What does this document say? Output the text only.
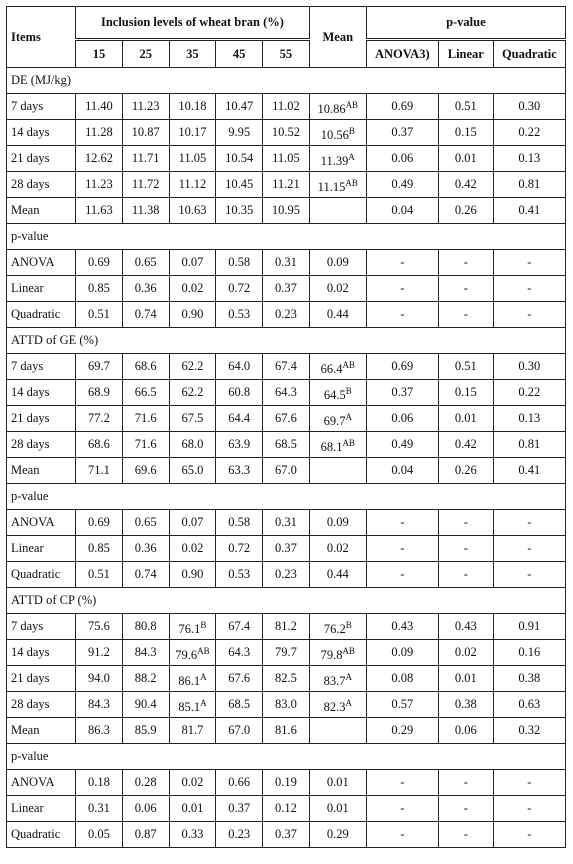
Items	Inclusion levels of wheat bran (%)					Mean	p-value		
	15	25	35	45	55		ANOVA3)	Linear	Quadratic
DE (MJ/kg)									
7 days	11.40	11.23	10.18	10.47	11.02	$10.86^{AB}$	0.69	0.51	0.30
14 days	11.28	10.87	10.17	9.95	10.52	$10.56^B$	0.37	0.15	0.22
21 days	12.62	11.71	11.05	10.54	11.05	$11.39^A$	0.06	0.01	0.13
28 days	11.23	11.72	11.12	10.45	11.21	$11.15^{AB}$	0.49	0.42	0.81
Mean	11.63	11.38	10.63	10.35	10.95		0.04	0.26	0.41
p-value									
ANOVA	0.69	0.65	0.07	0.58	0.31	0.09	-	-	-
Linear	0.85	0.36	0.02	0.72	0.37	0.02	-	-	-
Quadratic	0.51	0.74	0.90	0.53	0.23	0.44	-	-	-
ATTD of GE (%)									
7 days	69.7	68.6	62.2	64.0	67.4	$66.4^{AB}$	0.69	0.51	0.30
14 days	68.9	66.5	62.2	60.8	64.3	$64.5^B$	0.37	0.15	0.22
21 days	77.2	71.6	67.5	64.4	67.6	$69.7^A$	0.06	0.01	0.13
28 days	68.6	71.6	68.0	63.9	68.5	$68.1^{AB}$	0.49	0.42	0.81
Mean	71.1	69.6	65.0	63.3	67.0		0.04	0.26	0.41
p-value									
ANOVA	0.69	0.65	0.07	0.58	0.31	0.09	-	-	-
Linear	0.85	0.36	0.02	0.72	0.37	0.02	-	-	-
Quadratic	0.51	0.74	0.90	0.53	0.23	0.44	-	-	-
ATTD of CP (%)									
7 days	75.6	80.8	$76.1^B$	67.4	81.2	$76.2^B$	0.43	0.43	0.91
14 days	91.2	84.3	$79.6^{AB}$	64.3	79.7	$79.8^{AB}$	0.09	0.02	0.16
21 days	94.0	88.2	$86.1^A$	67.6	82.5	$83.7^A$	0.08	0.01	0.38
28 days	84.3	90.4	$85.1^A$	68.5	83.0	$82.3^A$	0.57	0.38	0.63
Mean	86.3	85.9	81.7	67.0	81.6		0.29	0.06	0.32
p-value									
ANOVA	0.18	0.28	0.02	0.66	0.19	0.01	-	-	-
Linear	0.31	0.06	0.01	0.37	0.12	0.01	-	-	-
Quadratic	0.05	0.87	0.33	0.23	0.37	0.29	-	-	-
